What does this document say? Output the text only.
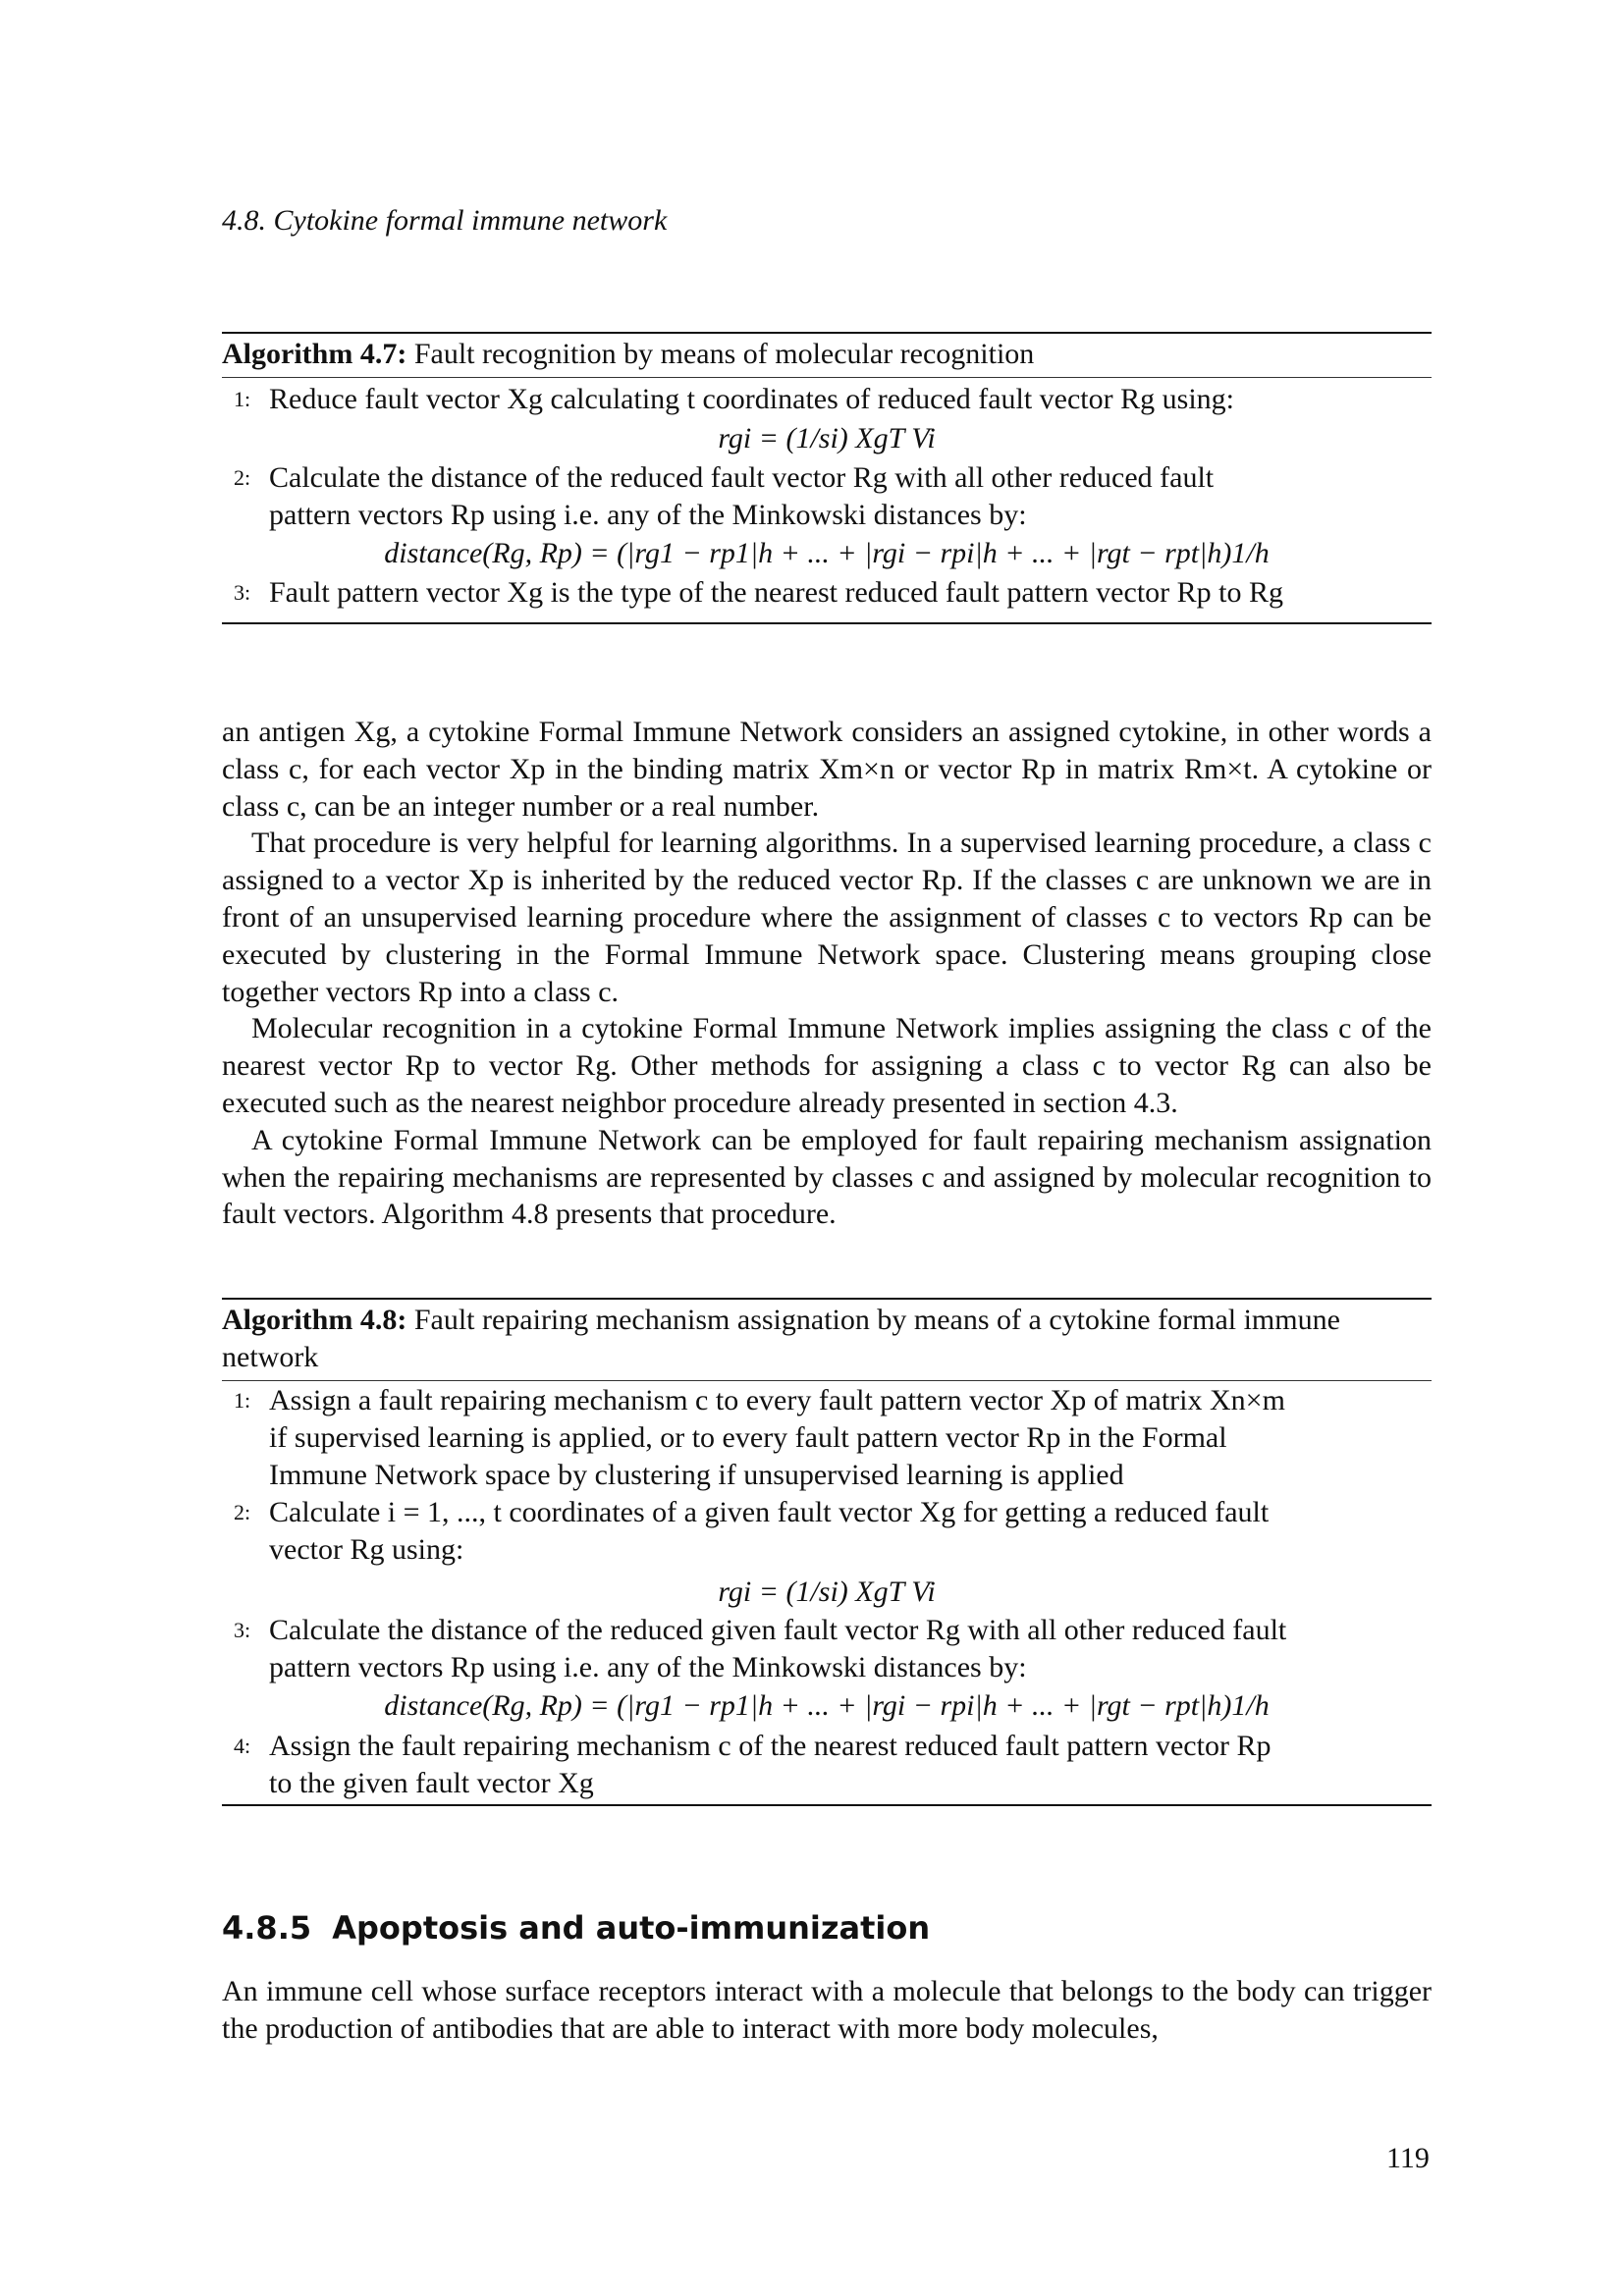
4.8. Cytokine formal immune network
Algorithm 4.7: Fault recognition by means of molecular recognition
1: Reduce fault vector Xg calculating t coordinates of reduced fault vector Rg using:
rgi = (1/si) XgT Vi
2: Calculate the distance of the reduced fault vector Rg with all other reduced fault
pattern vectors Rp using i.e. any of the Minkowski distances by:
distance(Rg, Rp) = (|rg1 − rp1|h + ... + |rgi − rpi|h + ... + |rgt − rpt|h)1/h
3: Fault pattern vector Xg is the type of the nearest reduced fault pattern vector Rp to Rg

an antigen Xg, a cytokine Formal Immune Network considers an assigned cytokine, in other words a class c, for each vector Xp in the binding matrix Xm×n or vector Rp in matrix Rm×t. A cytokine or class c, can be an integer number or a real number.

That procedure is very helpful for learning algorithms. In a supervised learning procedure, a class c assigned to a vector Xp is inherited by the reduced vector Rp. If the classes c are unknown we are in front of an unsupervised learning procedure where the assignment of classes c to vectors Rp can be executed by clustering in the Formal Immune Network space. Clustering means grouping close together vectors Rp into a class c.

Molecular recognition in a cytokine Formal Immune Network implies assigning the class c of the nearest vector Rp to vector Rg. Other methods for assigning a class c to vector Rg can also be executed such as the nearest neighbor procedure already presented in section 4.3.

A cytokine Formal Immune Network can be employed for fault repairing mechanism assignation when the repairing mechanisms are represented by classes c and assigned by molecular recognition to fault vectors. Algorithm 4.8 presents that procedure.

Algorithm 4.8: Fault repairing mechanism assignation by means of a cytokine formal immune network
1: Assign a fault repairing mechanism c to every fault pattern vector Xp of matrix Xn×m
if supervised learning is applied, or to every fault pattern vector Rp in the Formal
Immune Network space by clustering if unsupervised learning is applied
2: Calculate i = 1, ..., t coordinates of a given fault vector Xg for getting a reduced fault
vector Rg using:
rgi = (1/si) XgT Vi
3: Calculate the distance of the reduced given fault vector Rg with all other reduced fault
pattern vectors Rp using i.e. any of the Minkowski distances by:
distance(Rg, Rp) = (|rg1 − rp1|h + ... + |rgi − rpi|h + ... + |rgt − rpt|h)1/h
4: Assign the fault repairing mechanism c of the nearest reduced fault pattern vector Rp
to the given fault vector Xg
4.8.5 Apoptosis and auto-immunization

An immune cell whose surface receptors interact with a molecule that belongs to the body can trigger the production of antibodies that are able to interact with more body molecules,

119
